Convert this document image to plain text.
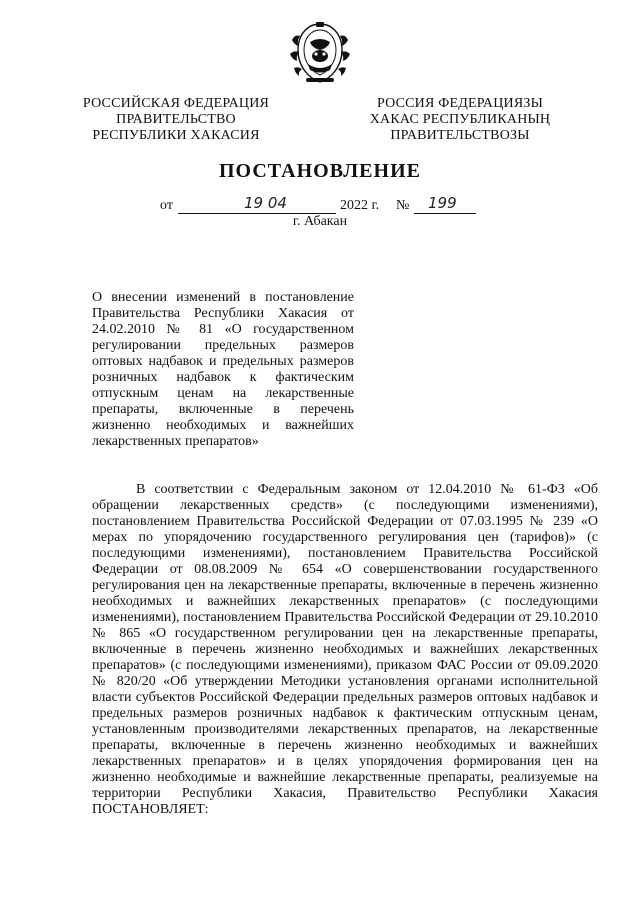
РОССИЙСКАЯ ФЕДЕРАЦИЯ
ПРАВИТЕЛЬСТВО
РЕСПУБЛИКИ ХАКАСИЯ
РОССИЯ ФЕДЕРАЦИЯЗЫ
ХАКАС РЕСПУБЛИКАНЫҢ
ПРАВИТЕЛЬСТВОЗЫ
ПОСТАНОВЛЕНИЕ
от	19 04	2022 г. № 199
г. Абакан
О внесении изменений в постановление Правительства Республики Хакасия от 24.02.2010 № 81 «О государственном регулировании предельных размеров оптовых надбавок и предельных размеров розничных надбавок к фактическим отпускным ценам на лекарственные препараты, включенные в перечень жизненно необходимых и важнейших лекарственных препаратов»
В соответствии с Федеральным законом от 12.04.2010 № 61-ФЗ «Об обращении лекарственных средств» (с последующими изменениями), постановлением Правительства Российской Федерации от 07.03.1995 № 239 «О мерах по упорядочению государственного регулирования цен (тарифов)» (с последующими изменениями), постановлением Правительства Российской Федерации от 08.08.2009 № 654 «О совершенствовании государственного регулирования цен на лекарственные препараты, включенные в перечень жизненно необходимых и важнейших лекарственных препаратов» (с последующими изменениями), постановлением Правительства Российской Федерации от 29.10.2010 № 865 «О государственном регулировании цен на лекарственные препараты, включенные в перечень жизненно необходимых и важнейших лекарственных препаратов» (с последующими изменениями), приказом ФАС России от 09.09.2020 № 820/20 «Об утверждении Методики установления органами исполнительной власти субъектов Российской Федерации предельных размеров оптовых надбавок и предельных размеров розничных надбавок к фактическим отпускным ценам, установленным производителями лекарственных препаратов, на лекарственные препараты, включенные в перечень жизненно необходимых и важнейших лекарственных препаратов» и в целях упорядочения формирования цен на жизненно необходимые и важнейшие лекарственные препараты, реализуемые на территории Республики Хакасия, Правительство Республики Хакасия ПОСТАНОВЛЯЕТ:
